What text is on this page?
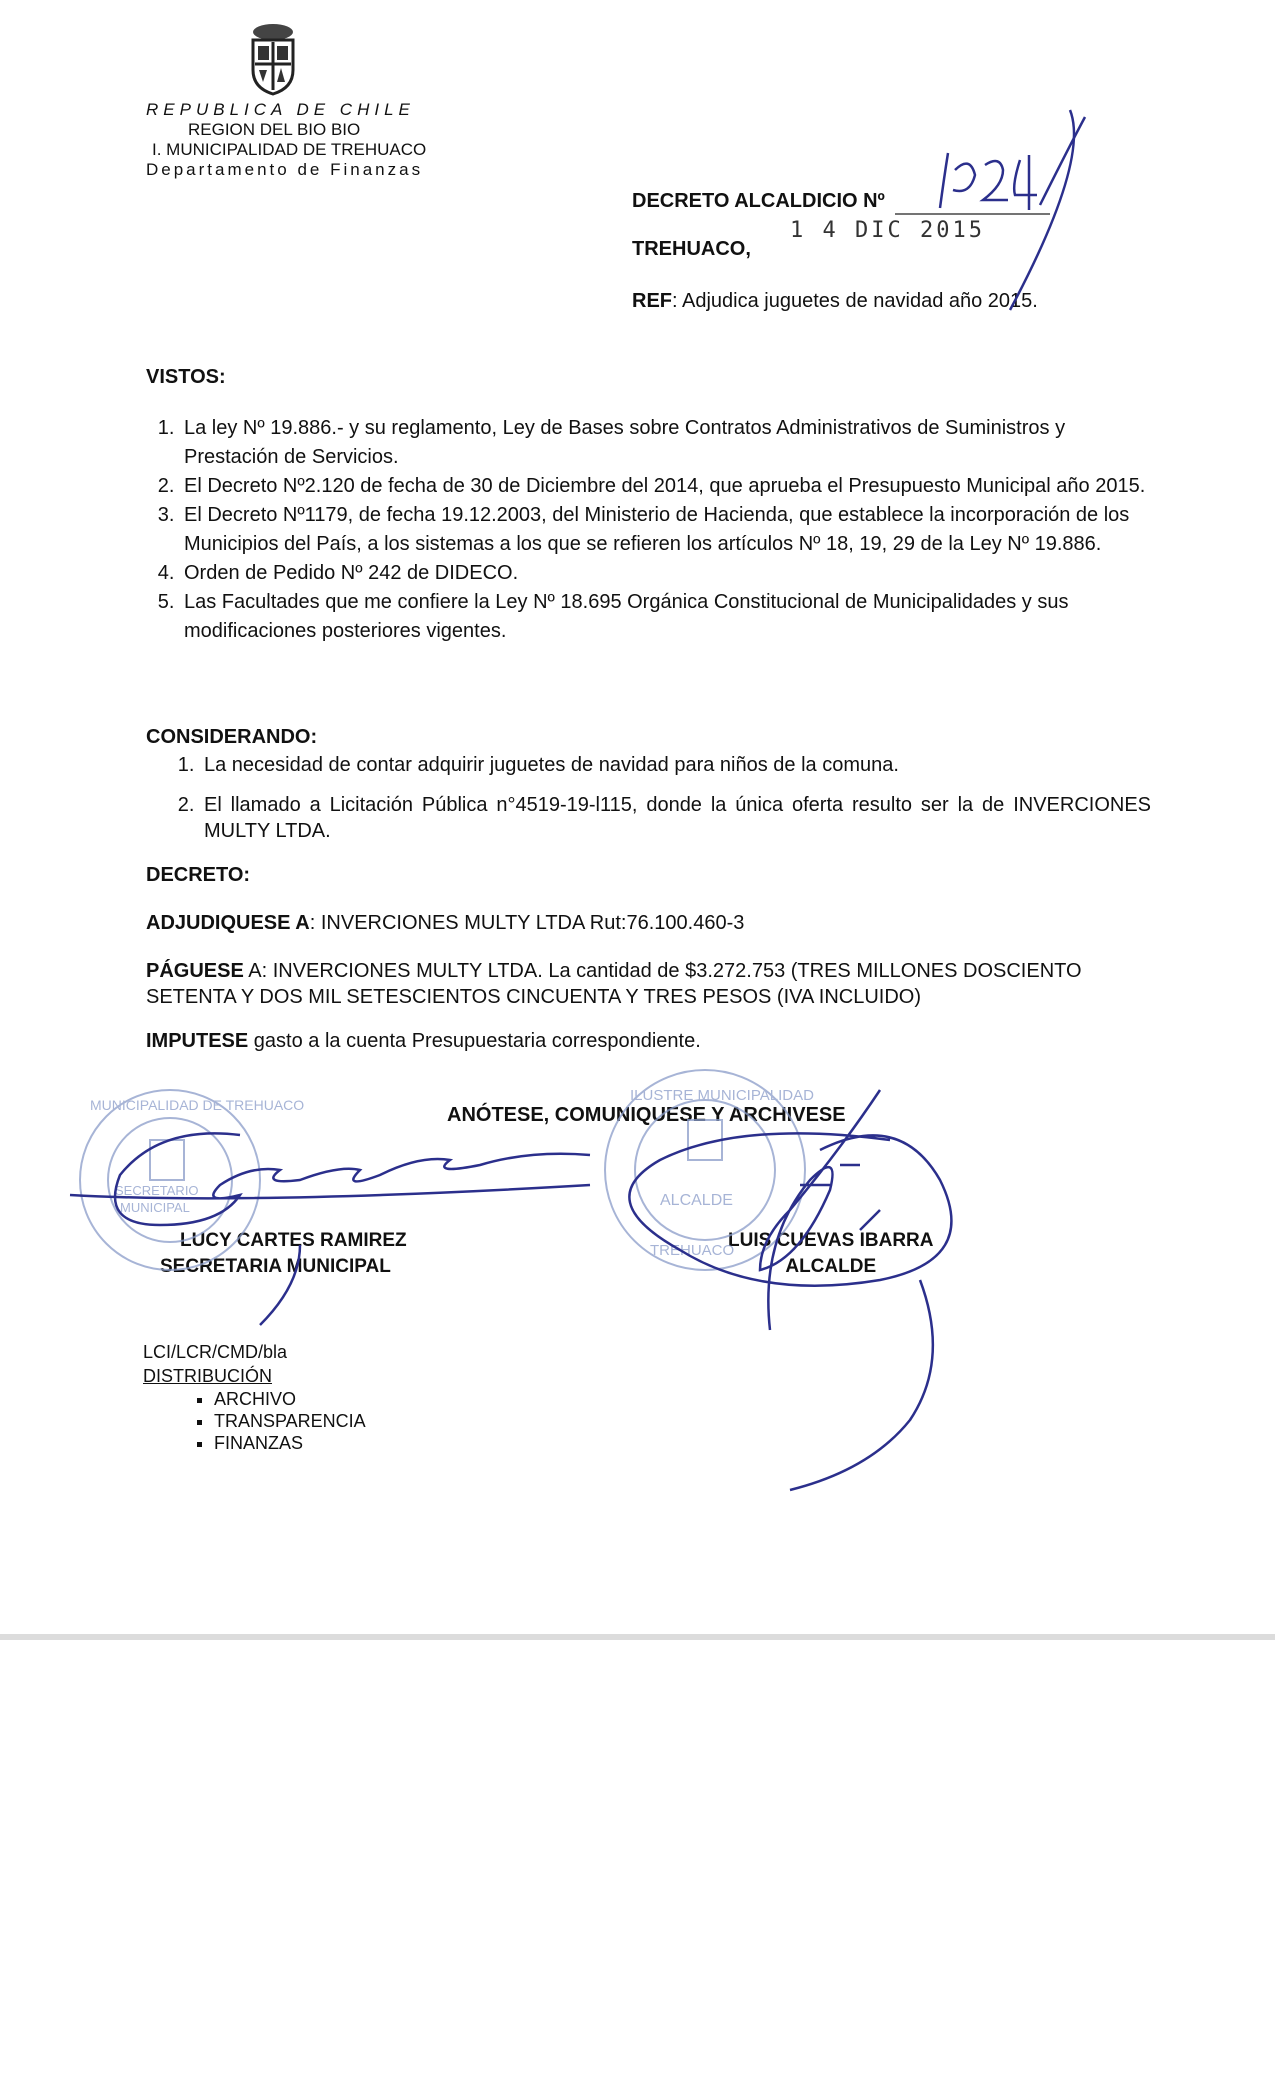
REPUBLICA DE CHILE
REGION DEL BIO BIO
I. MUNICIPALIDAD DE TREHUACO
Departamento de Finanzas
DECRETO ALCALDICIO Nº
1 4 DIC 2015
TREHUACO,
REF: Adjudica juguetes de navidad año 2015.
VISTOS:
1. La ley Nº 19.886.- y su reglamento, Ley de Bases sobre Contratos Administrativos de Suministros y Prestación de Servicios.
2. El Decreto Nº2.120 de fecha de 30 de Diciembre del 2014, que aprueba el Presupuesto Municipal año 2015.
3. El Decreto Nº1179, de fecha 19.12.2003, del Ministerio de Hacienda, que establece la incorporación de los Municipios del País, a los sistemas a los que se refieren los artículos Nº 18, 19, 29 de la Ley Nº 19.886.
4. Orden de Pedido Nº 242 de DIDECO.
5. Las Facultades que me confiere la Ley Nº 18.695 Orgánica Constitucional de Municipalidades y sus modificaciones posteriores vigentes.
CONSIDERANDO:
1. La necesidad de contar adquirir juguetes de navidad para niños de la comuna.
2. El llamado a Licitación Pública n°4519-19-l115, donde la única oferta resulto ser la de INVERCIONES MULTY LTDA.
DECRETO:
ADJUDIQUESE A: INVERCIONES MULTY LTDA Rut:76.100.460-3
PÁGUESE A: INVERCIONES MULTY LTDA. La cantidad de $3.272.753 (TRES MILLONES DOSCIENTO SETENTA Y DOS MIL SETESCIENTOS CINCUENTA Y TRES PESOS (IVA INCLUIDO)
IMPUTESE gasto a la cuenta Presupuestaria correspondiente.
ANÓTESE, COMUNIQUESE Y ARCHIVESE
LUCY CARTES RAMIREZ
SECRETARIA MUNICIPAL
LUIS CUEVAS IBARRA
ALCALDE
LCI/LCR/CMD/bla
DISTRIBUCIÓN
▪ ARCHIVO
▪ TRANSPARENCIA
▪ FINANZAS
MUNICIPALIDAD DE TREHUACO
SECRETARIO
MUNICIPAL
ILUSTRE MUNICIPALIDAD
ALCALDE
TREHUACO
